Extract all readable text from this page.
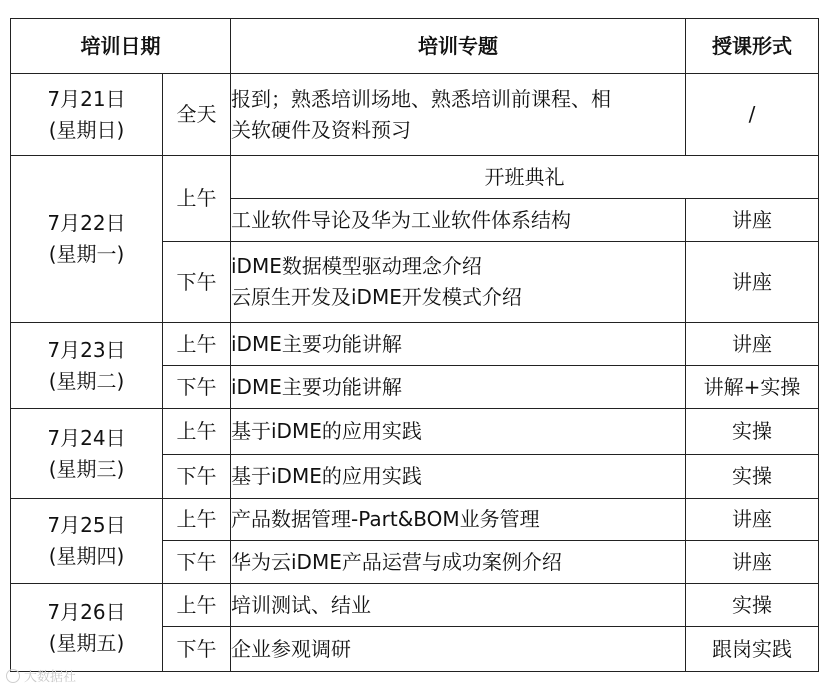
培训日期		培训专题	授课形式

7月21日
(星期日)	全天	报到；熟悉培训场地、熟悉培训前课程、相
关软硬件及资料预习	/

7月22日
(星期一)	上午	开班典礼	
		工业软件导论及华为工业软件体系结构	讲座
	下午	iDME数据模型驱动理念介绍
云原生开发及iDME开发模式介绍	讲座

7月23日
(星期二)	上午	iDME主要功能讲解	讲座
	下午	iDME主要功能讲解	讲解+实操

7月24日
(星期三)	上午	基于iDME的应用实践	实操
	下午	基于iDME的应用实践	实操

7月25日
(星期四)	上午	产品数据管理-Part&BOM业务管理	讲座
	下午	华为云iDME产品运营与成功案例介绍	讲座

7月26日
(星期五)	上午	培训测试、结业	实操
	下午	企业参观调研	跟岗实践
大数据社
